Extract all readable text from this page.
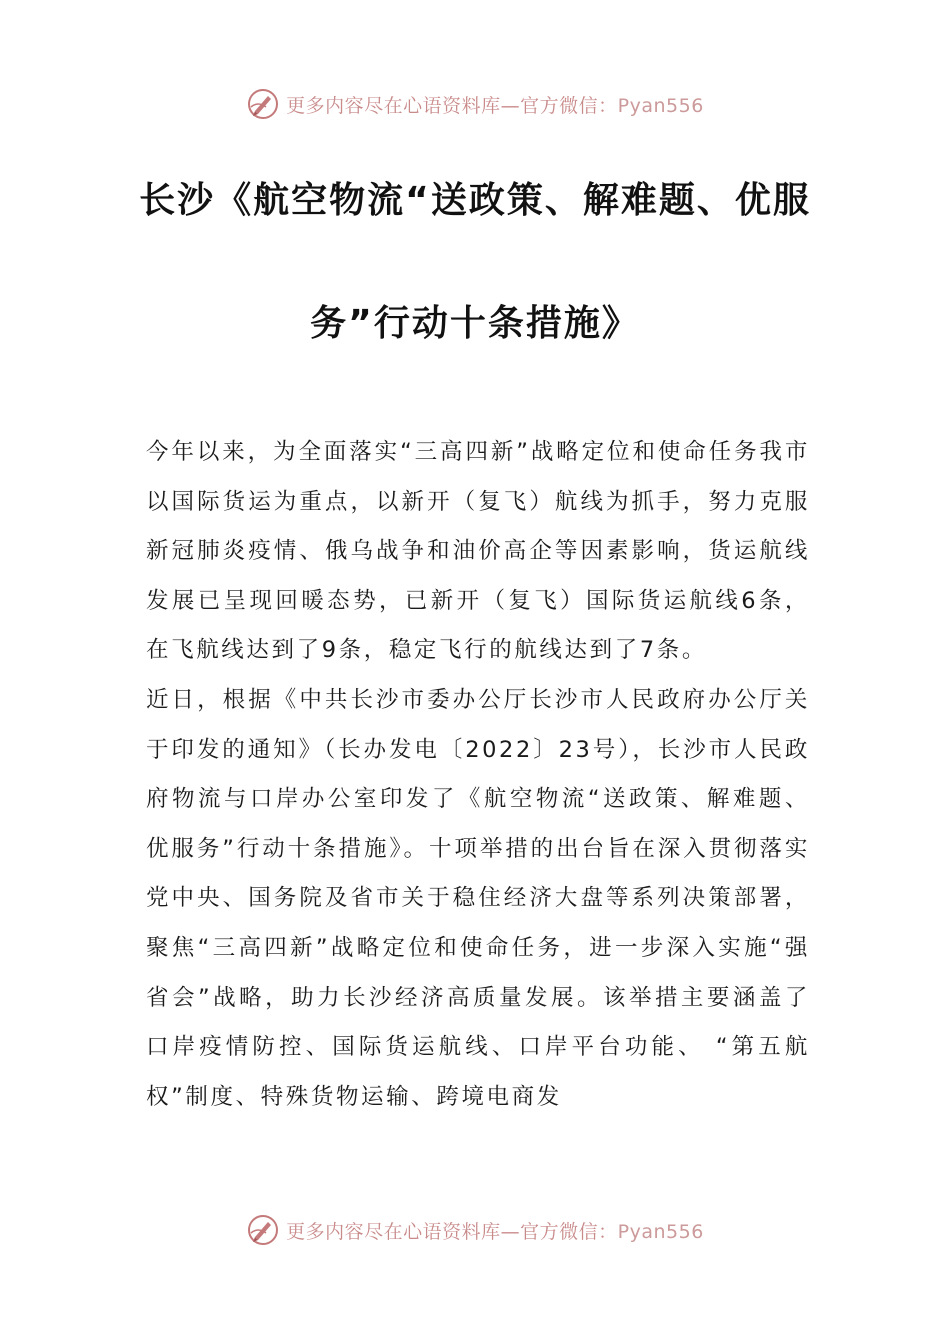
更多内容尽在心语资料库—官方微信：Pyan556
长沙《航空物流“送政策、解难题、优服
务”行动十条措施》

今年以来，为全面落实“三高四新”战略定位和使命任务我市以国际货运为重点，以新开（复飞）航线为抓手，努力克服新冠肺炎疫情、俄乌战争和油价高企等因素影响，货运航线发展已呈现回暖态势，已新开（复飞）国际货运航线6条，在飞航线达到了9条，稳定飞行的航线达到了7条。

近日，根据《中共长沙市委办公厅长沙市人民政府办公厅关于印发的通知》（长办发电〔2022〕23号），长沙市人民政府物流与口岸办公室印发了《航空物流“送政策、解难题、优服务”行动十条措施》。十项举措的出台旨在深入贯彻落实党中央、国务院及省市关于稳住经济大盘等系列决策部署，聚焦“三高四新”战略定位和使命任务，进一步深入实施“强省会”战略，助力长沙经济高质量发展。该举措主要涵盖了口岸疫情防控、国际货运航线、口岸平台功能、 “第五航权”制度、特殊货物运输、跨境电商发

更多内容尽在心语资料库—官方微信：Pyan556
